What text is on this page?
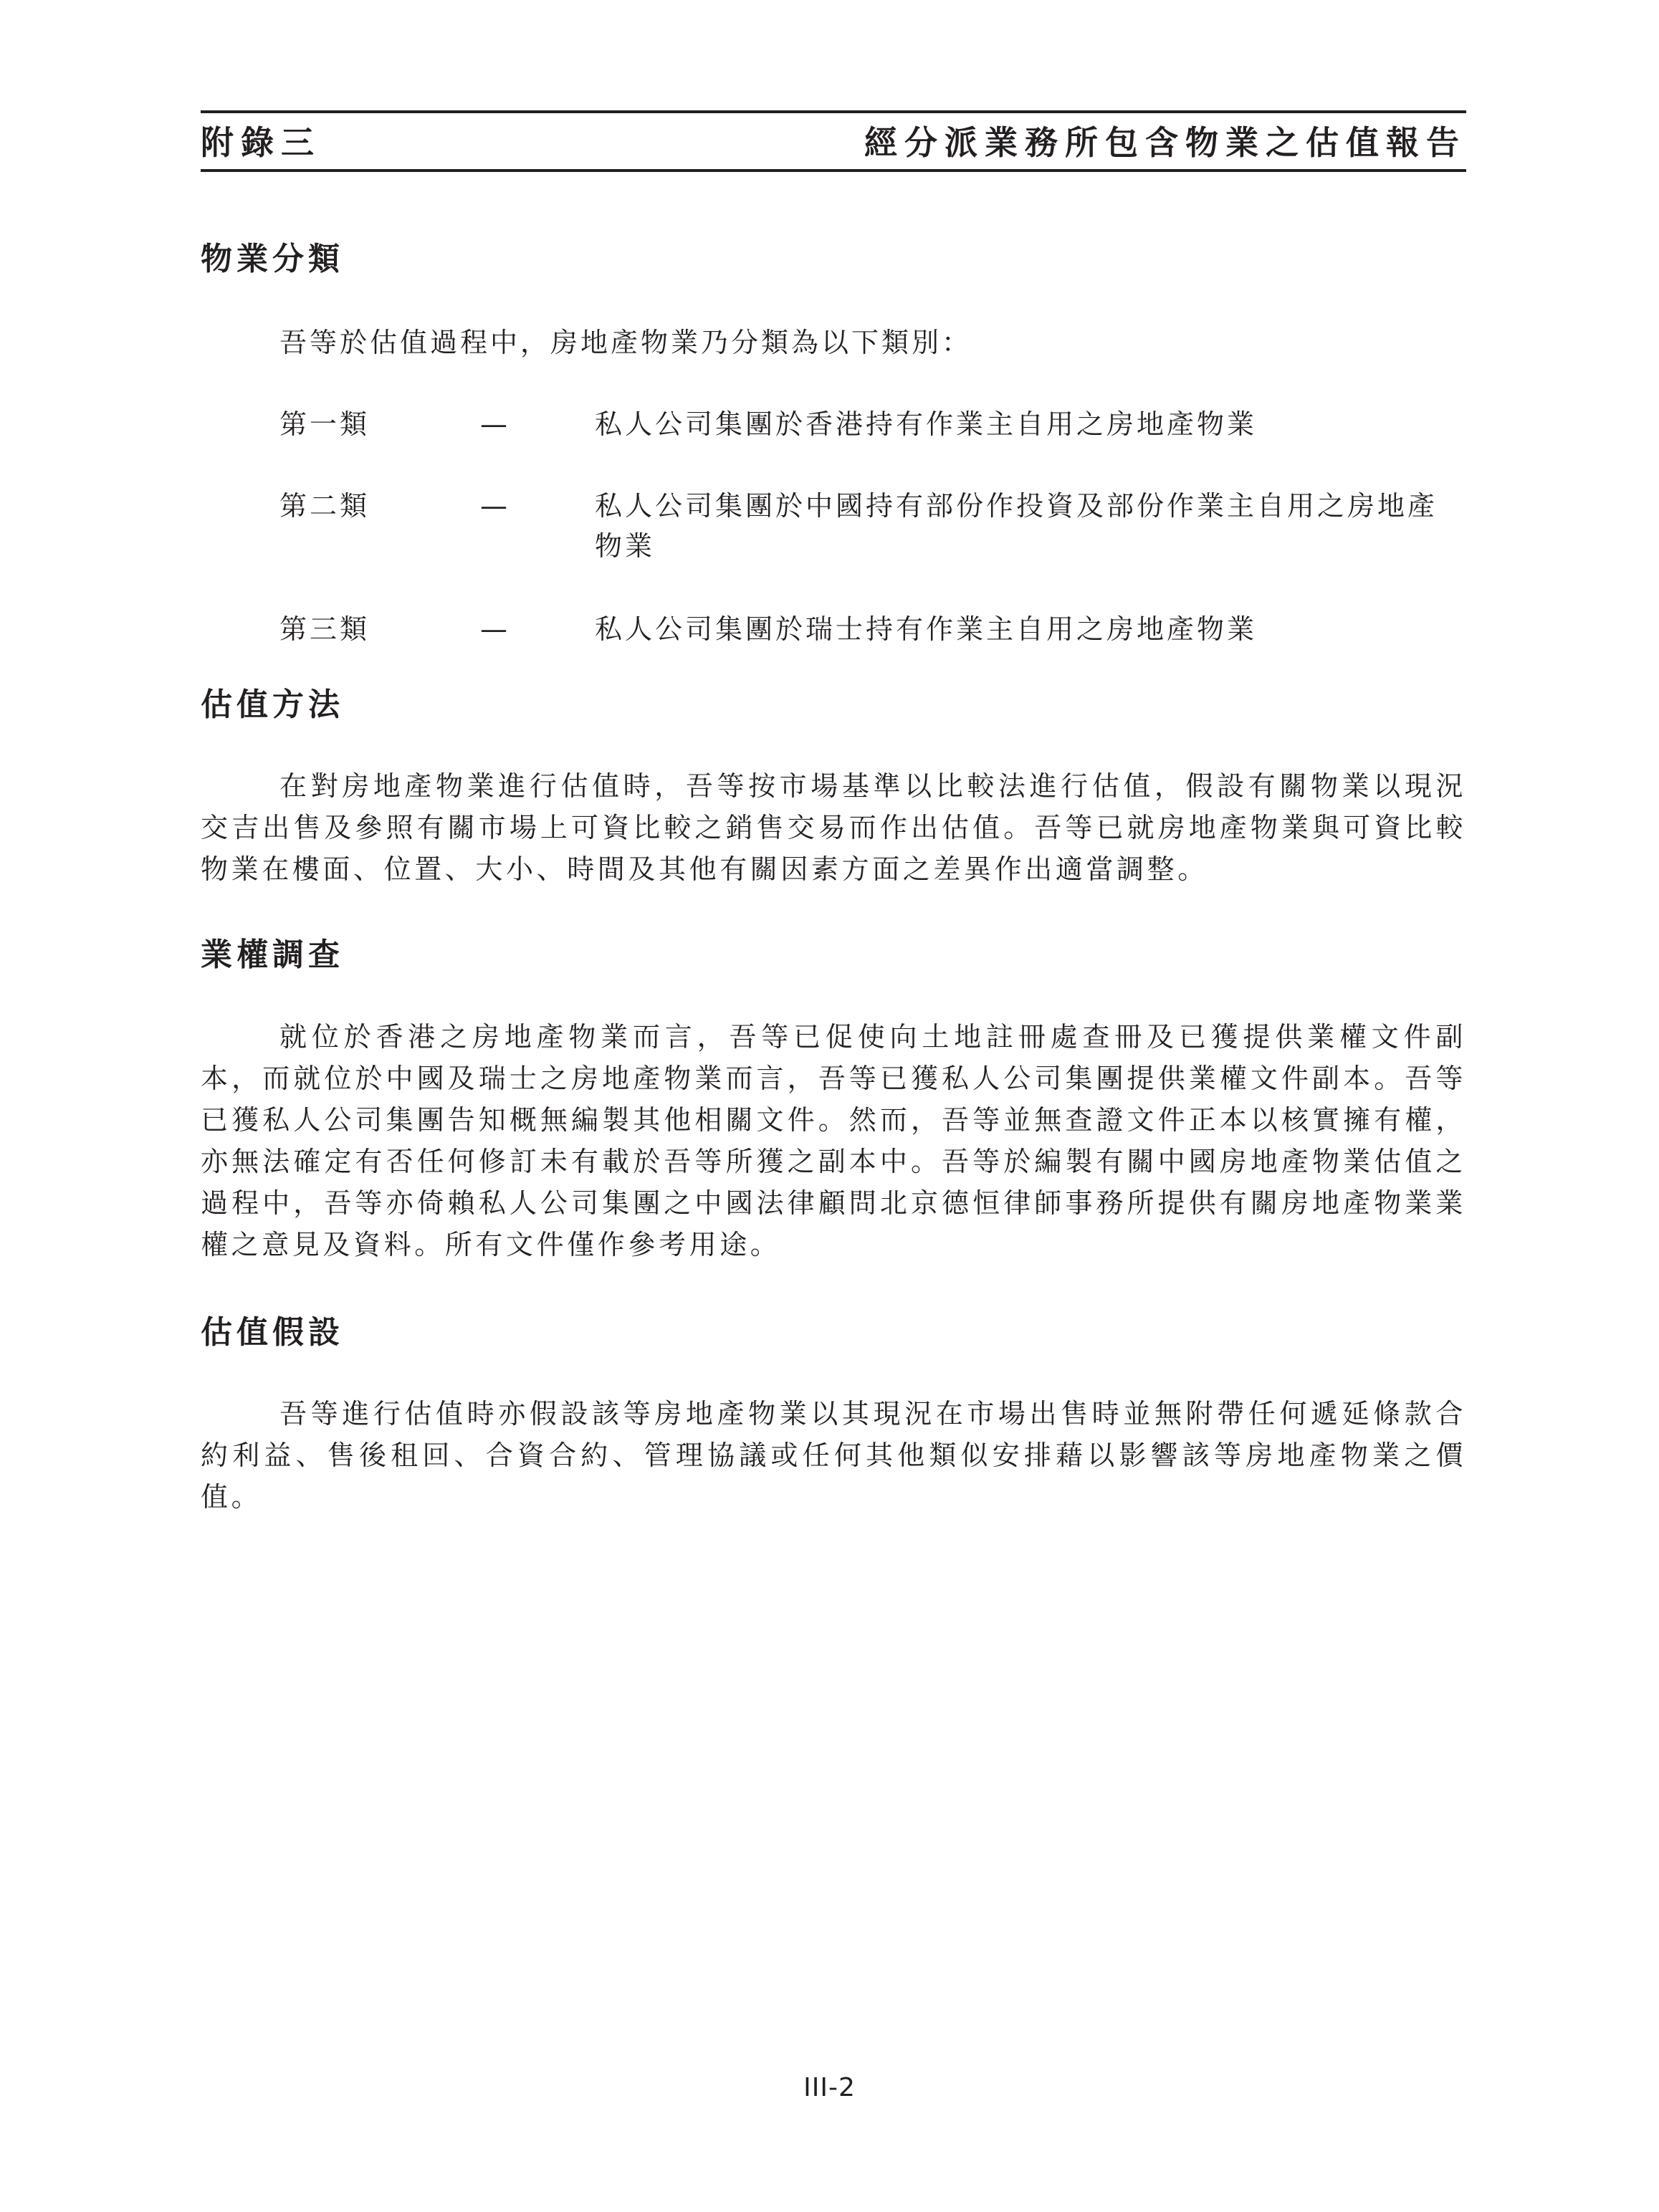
附錄三	經分派業務所包含物業之估值報告
物業分類
吾等於估值過程中，房地產物業乃分類為以下類別：
第一類	—	私人公司集團於香港持有作業主自用之房地產物業
第二類	—	私人公司集團於中國持有部份作投資及部份作業主自用之房地產物業
第三類	—	私人公司集團於瑞士持有作業主自用之房地產物業
估值方法
在對房地產物業進行估值時，吾等按市場基準以比較法進行估值，假設有關物業以現況交吉出售及參照有關市場上可資比較之銷售交易而作出估值。吾等已就房地產物業與可資比較物業在樓面、位置、大小、時間及其他有關因素方面之差異作出適當調整。
業權調查
就位於香港之房地產物業而言，吾等已促使向土地註冊處查冊及已獲提供業權文件副本，而就位於中國及瑞士之房地產物業而言，吾等已獲私人公司集團提供業權文件副本。吾等已獲私人公司集團告知概無編製其他相關文件。然而，吾等並無查證文件正本以核實擁有權，亦無法確定有否任何修訂未有載於吾等所獲之副本中。吾等於編製有關中國房地產物業估值之過程中，吾等亦倚賴私人公司集團之中國法律顧問北京德恒律師事務所提供有關房地產物業業權之意見及資料。所有文件僅作參考用途。
估值假設
吾等進行估值時亦假設該等房地產物業以其現況在市場出售時並無附帶任何遞延條款合約利益、售後租回、合資合約、管理協議或任何其他類似安排藉以影響該等房地產物業之價值。
III-2
